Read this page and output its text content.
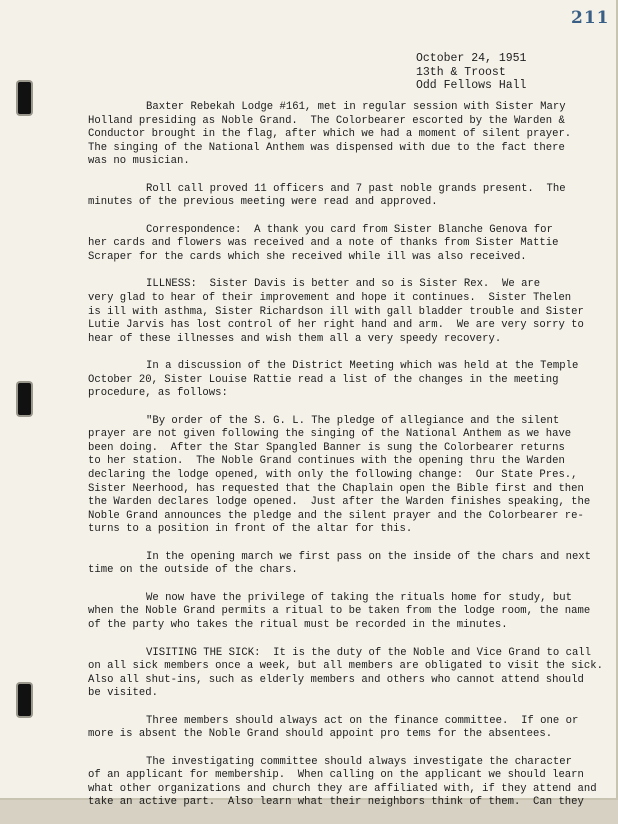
211
October 24, 1951
13th & Troost
Odd Fellows Hall
Baxter Rebekah Lodge #161, met in regular session with Sister Mary
Holland presiding as Noble Grand.  The Colorbearer escorted by the Warden &
Conductor brought in the flag, after which we had a moment of silent prayer.
The singing of the National Anthem was dispensed with due to the fact there
was no musician.
Roll call proved 11 officers and 7 past noble grands present.  The
minutes of the previous meeting were read and approved.
Correspondence:  A thank you card from Sister Blanche Genova for
her cards and flowers was received and a note of thanks from Sister Mattie
Scraper for the cards which she received while ill was also received.
ILLNESS:  Sister Davis is better and so is Sister Rex.  We are
very glad to hear of their improvement and hope it continues.  Sister Thelen
is ill with asthma, Sister Richardson ill with gall bladder trouble and Sister
Lutie Jarvis has lost control of her right hand and arm.  We are very sorry to
hear of these illnesses and wish them all a very speedy recovery.
In a discussion of the District Meeting which was held at the Temple
October 20, Sister Louise Rattie read a list of the changes in the meeting
procedure, as follows:
"By order of the S. G. L. The pledge of allegiance and the silent
prayer are not given following the singing of the National Anthem as we have
been doing.  After the Star Spangled Banner is sung the Colorbearer returns
to her station.  The Noble Grand continues with the opening thru the Warden
declaring the lodge opened, with only the following change:  Our State Pres.,
Sister Neerhood, has requested that the Chaplain open the Bible first and then
the Warden declares lodge opened.  Just after the Warden finishes speaking, the
Noble Grand announces the pledge and the silent prayer and the Colorbearer re-
turns to a position in front of the altar for this.
In the opening march we first pass on the inside of the chars and next
time on the outside of the chars.
We now have the privilege of taking the rituals home for study, but
when the Noble Grand permits a ritual to be taken from the lodge room, the name
of the party who takes the ritual must be recorded in the minutes.
VISITING THE SICK:  It is the duty of the Noble and Vice Grand to call
on all sick members once a week, but all members are obligated to visit the sick.
Also all shut-ins, such as elderly members and others who cannot attend should
be visited.
Three members should always act on the finance committee.  If one or
more is absent the Noble Grand should appoint pro tems for the absentees.
The investigating committee should always investigate the character
of an applicant for membership.  When calling on the applicant we should learn
what other organizations and church they are affiliated with, if they attend and
take an active part.  Also learn what their neighbors think of them.  Can they
